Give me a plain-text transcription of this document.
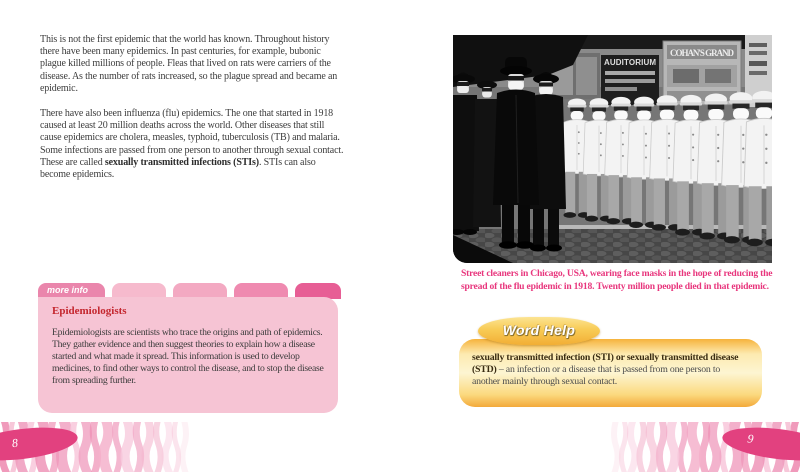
This is not the first epidemic that the world has known. Throughout history there have been many epidemics. In past centuries, for example, bubonic plague killed millions of people. Fleas that lived on rats were carriers of the disease. As the number of rats increased, so the plague spread and became an epidemic.

There have also been influenza (flu) epidemics. The one that started in 1918 caused at least 20 million deaths across the world. Other diseases that still cause epidemics are cholera, measles, typhoid, tuberculosis (TB) and malaria. Some infections are passed from one person to another through sexual contact. These are called sexually transmitted infections (STIs). STIs can also become epidemics.

more info
Epidemiologists
Epidemiologists are scientists who trace the origins and path of epidemics. They gather evidence and then suggest theories to explain how a disease started and what made it spread. This information is used to develop medicines, to find other ways to control the disease, and to stop the disease from spreading further.
AUDITORIUM
COHAN'S GRAND
Street cleaners in Chicago, USA, wearing face masks in the hope of reducing the spread of the flu epidemic in 1918. Twenty million people died in that epidemic.
Word Help
sexually transmitted infection (STI) or sexually transmitted disease (STD) – an infection or a disease that is passed from one person to another mainly through sexual contact.
8	9
